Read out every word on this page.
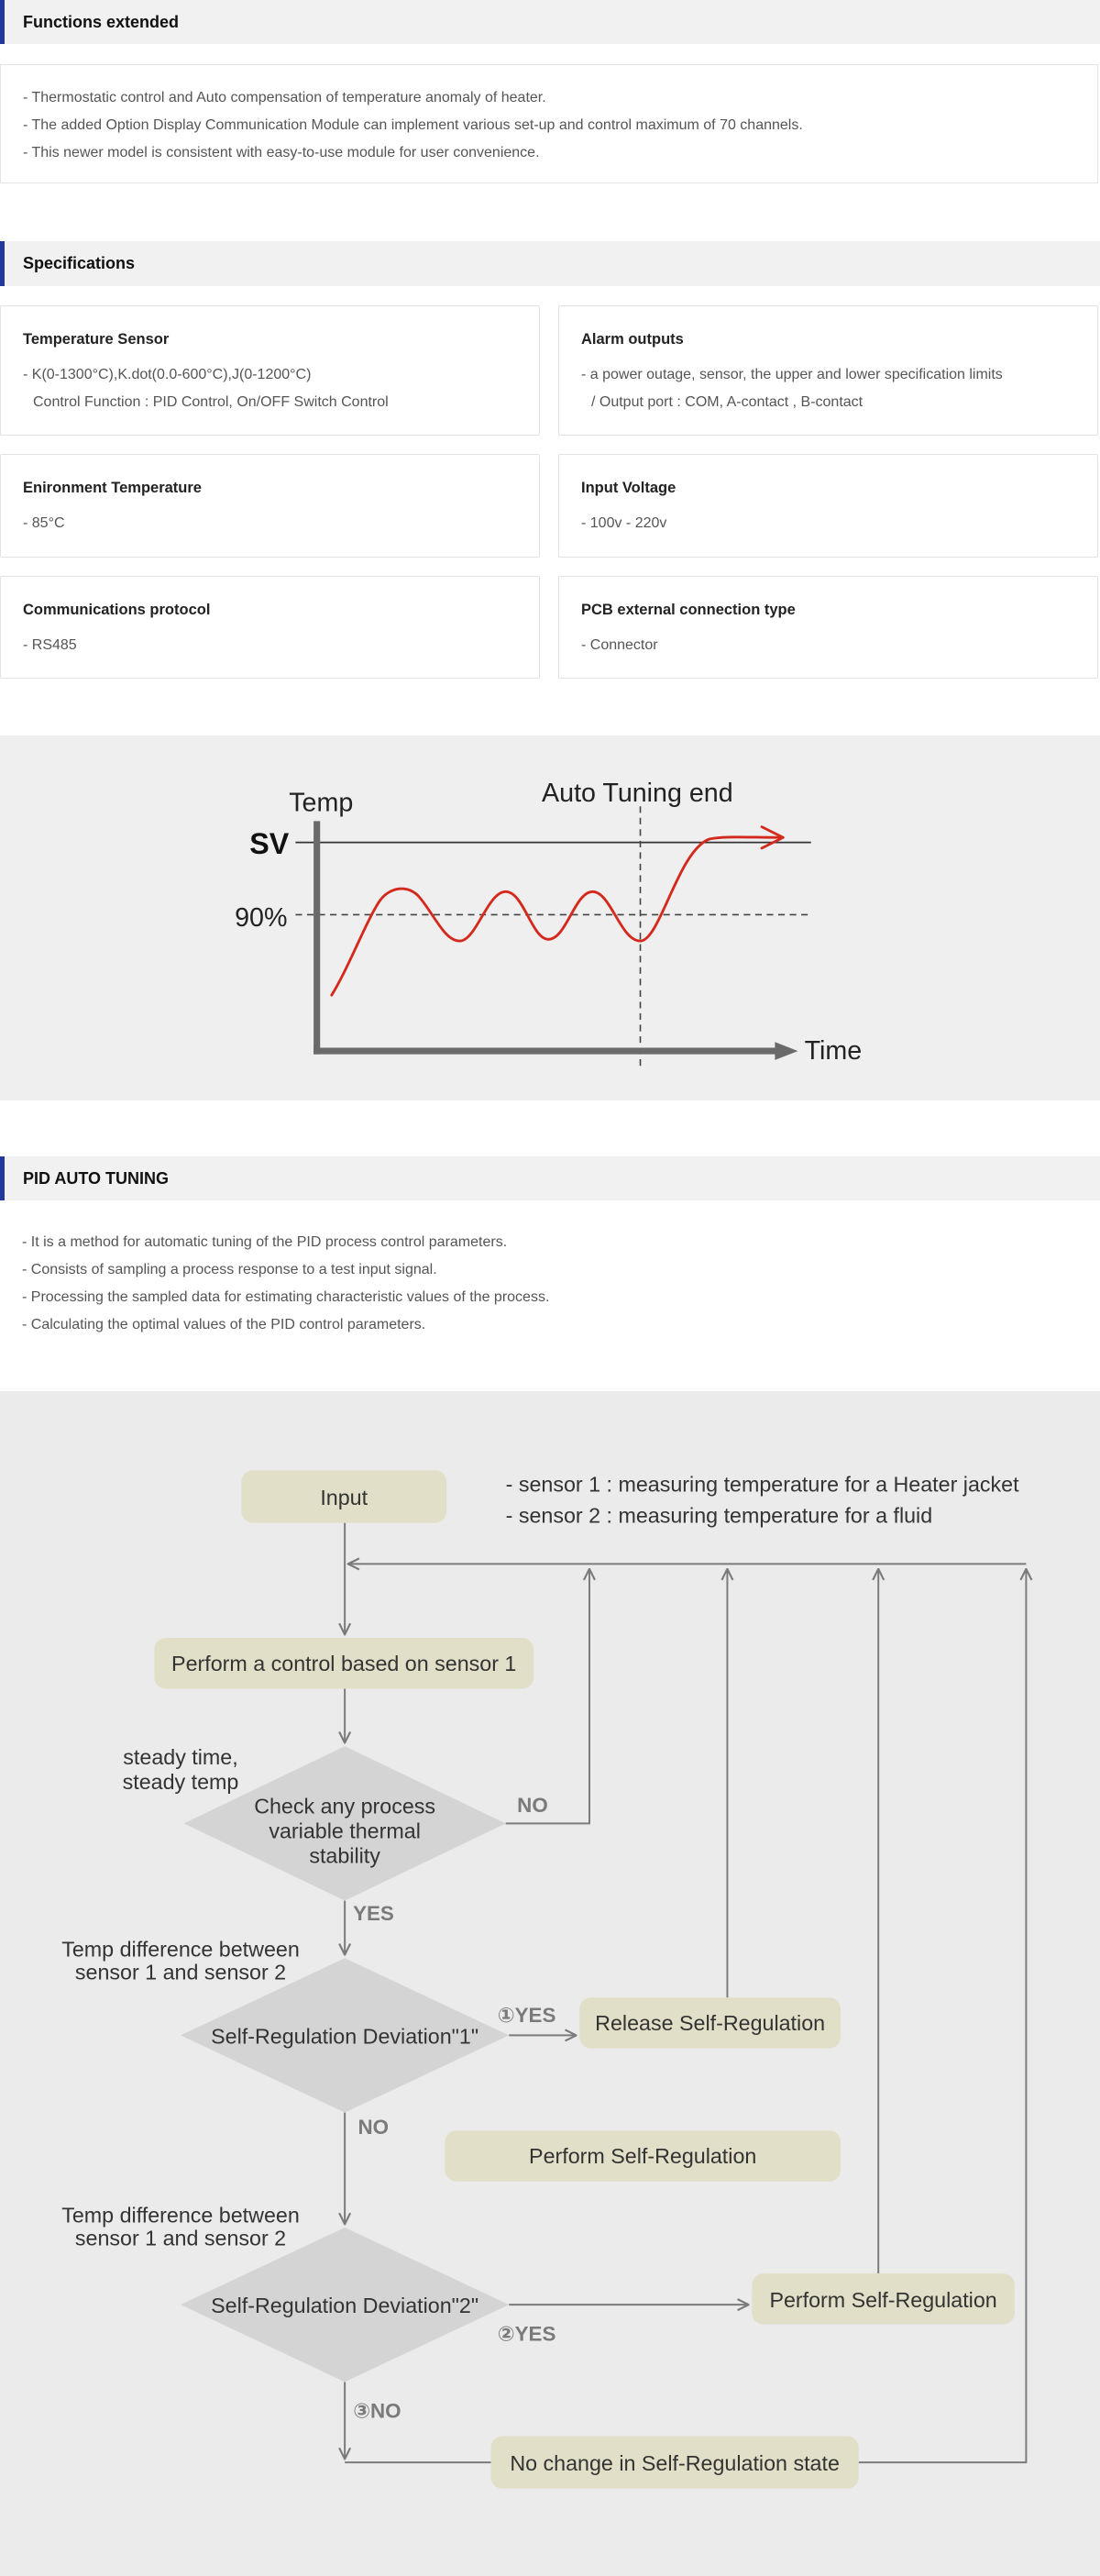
Functions extended
- Thermostatic control and Auto compensation of temperature anomaly of heater.
- The added Option Display Communication Module can implement various set-up and control maximum of 70 channels.
- This newer model is consistent with easy-to-use module for user convenience.
Specifications
Temperature Sensor
- K(0-1300°C),K.dot(0.0-600°C),J(0-1200°C)
Control Function : PID Control, On/OFF Switch Control
Alarm outputs
- a power outage, sensor, the upper and lower specification limits
/ Output port : COM, A-contact , B-contact
Enironment Temperature
- 85°C
Input Voltage
- 100v - 220v
Communications protocol
- RS485
PCB external connection type
- Connector
Temp	Auto Tuning end
SV
90%
Time
PID AUTO TUNING
- It is a method for automatic tuning of the PID process control parameters.
- Consists of sampling a process response to a test input signal.
- Processing the sampled data for estimating characteristic values of the process.
- Calculating the optimal values of the PID control parameters.
- sensor 1 : measuring temperature for a Heater jacket
- sensor 2 : measuring temperature for a fluid
Input
Perform a control based on sensor 1
steady time,
steady temp
Check any process
variable thermal
stability
NO
YES
Temp difference between
sensor 1 and sensor 2
Self-Regulation Deviation"1"
①YES
NO
Release Self-Regulation
Perform Self-Regulation
Temp difference between
sensor 1 and sensor 2
Self-Regulation Deviation"2"
②YES
③NO
Perform Self-Regulation
No change in Self-Regulation state
